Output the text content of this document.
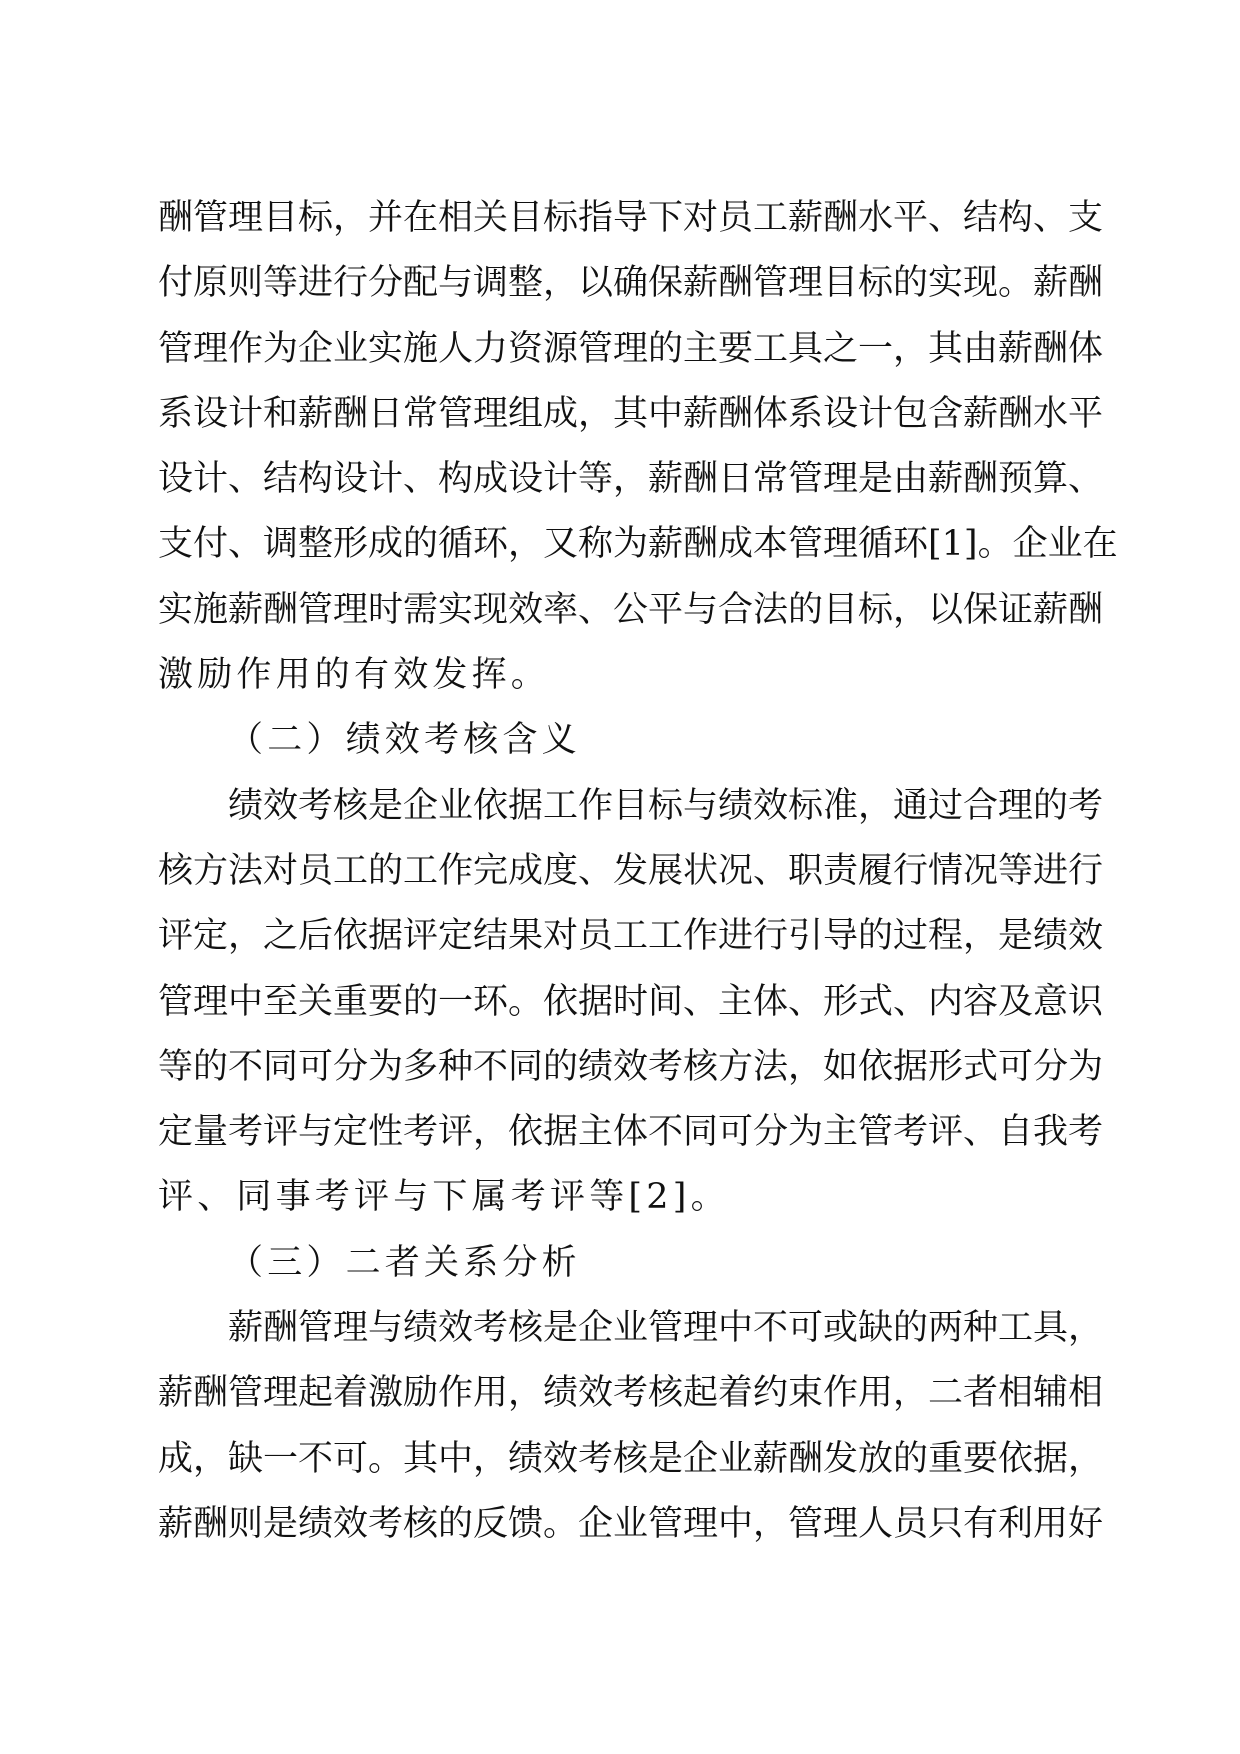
酬管理目标，并在相关目标指导下对员工薪酬水平、结构、支
付原则等进行分配与调整，以确保薪酬管理目标的实现。薪酬
管理作为企业实施人力资源管理的主要工具之一，其由薪酬体
系设计和薪酬日常管理组成，其中薪酬体系设计包含薪酬水平
设计、结构设计、构成设计等，薪酬日常管理是由薪酬预算、
支付、调整形成的循环，又称为薪酬成本管理循环[1]。企业在
实施薪酬管理时需实现效率、公平与合法的目标，以保证薪酬
激励作用的有效发挥。
（二）绩效考核含义
绩效考核是企业依据工作目标与绩效标准，通过合理的考
核方法对员工的工作完成度、发展状况、职责履行情况等进行
评定，之后依据评定结果对员工工作进行引导的过程，是绩效
管理中至关重要的一环。依据时间、主体、形式、内容及意识
等的不同可分为多种不同的绩效考核方法，如依据形式可分为
定量考评与定性考评，依据主体不同可分为主管考评、自我考
评、同事考评与下属考评等[2]。
（三）二者关系分析
薪酬管理与绩效考核是企业管理中不可或缺的两种工具，
薪酬管理起着激励作用，绩效考核起着约束作用，二者相辅相
成，缺一不可。其中，绩效考核是企业薪酬发放的重要依据，
薪酬则是绩效考核的反馈。企业管理中，管理人员只有利用好
